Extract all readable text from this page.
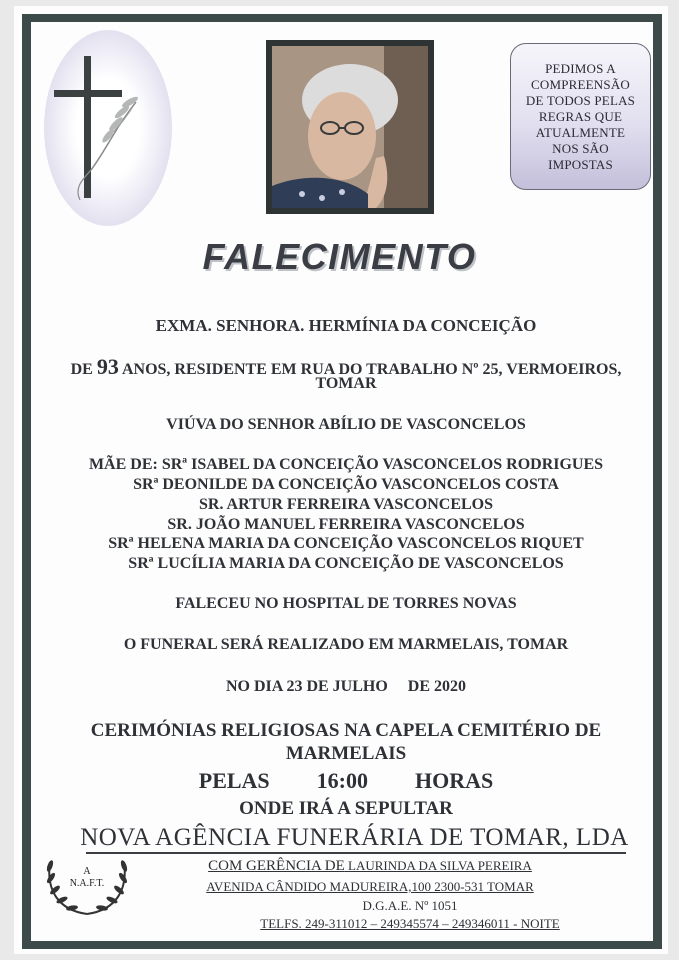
PEDIMOS A COMPREENSÃO DE TODOS PELAS REGRAS QUE ATUALMENTE NOS SÃO IMPOSTAS
FALECIMENTO
EXMA. SENHORA. HERMÍNIA DA CONCEIÇÃO
DE 93 ANOS, RESIDENTE EM RUA DO TRABALHO Nº 25, VERMOEIROS,
TOMAR
VIÚVA DO SENHOR ABÍLIO DE VASCONCELOS
MÃE DE: SRª ISABEL DA CONCEIÇÃO VASCONCELOS RODRIGUES
SRª DEONILDE DA CONCEIÇÃO VASCONCELOS COSTA
SR. ARTUR FERREIRA VASCONCELOS
SR. JOÃO MANUEL FERREIRA VASCONCELOS
SRª HELENA MARIA DA CONCEIÇÃO VASCONCELOS RIQUET
SRª LUCÍLIA MARIA DA CONCEIÇÃO DE VASCONCELOS
FALECEU NO HOSPITAL DE TORRES NOVAS
O FUNERAL SERÁ REALIZADO EM MARMELAIS, TOMAR
NO DIA 23 DE JULHO DE 2020
CERIMÓNIAS RELIGIOSAS NA CAPELA CEMITÉRIO DE
MARMELAIS
PELAS 16:00 HORAS
ONDE IRÁ A SEPULTAR
NOVA AGÊNCIA FUNERÁRIA DE TOMAR, LDA
COM GERÊNCIA DE LAURINDA DA SILVA PEREIRA
AVENIDA CÂNDIDO MADUREIRA,100 2300-531 TOMAR
D.G.A.E. Nº 1051
TELFS. 249-311012 – 249345574 – 249346011 - NOITE
A
N.A.F.T.
